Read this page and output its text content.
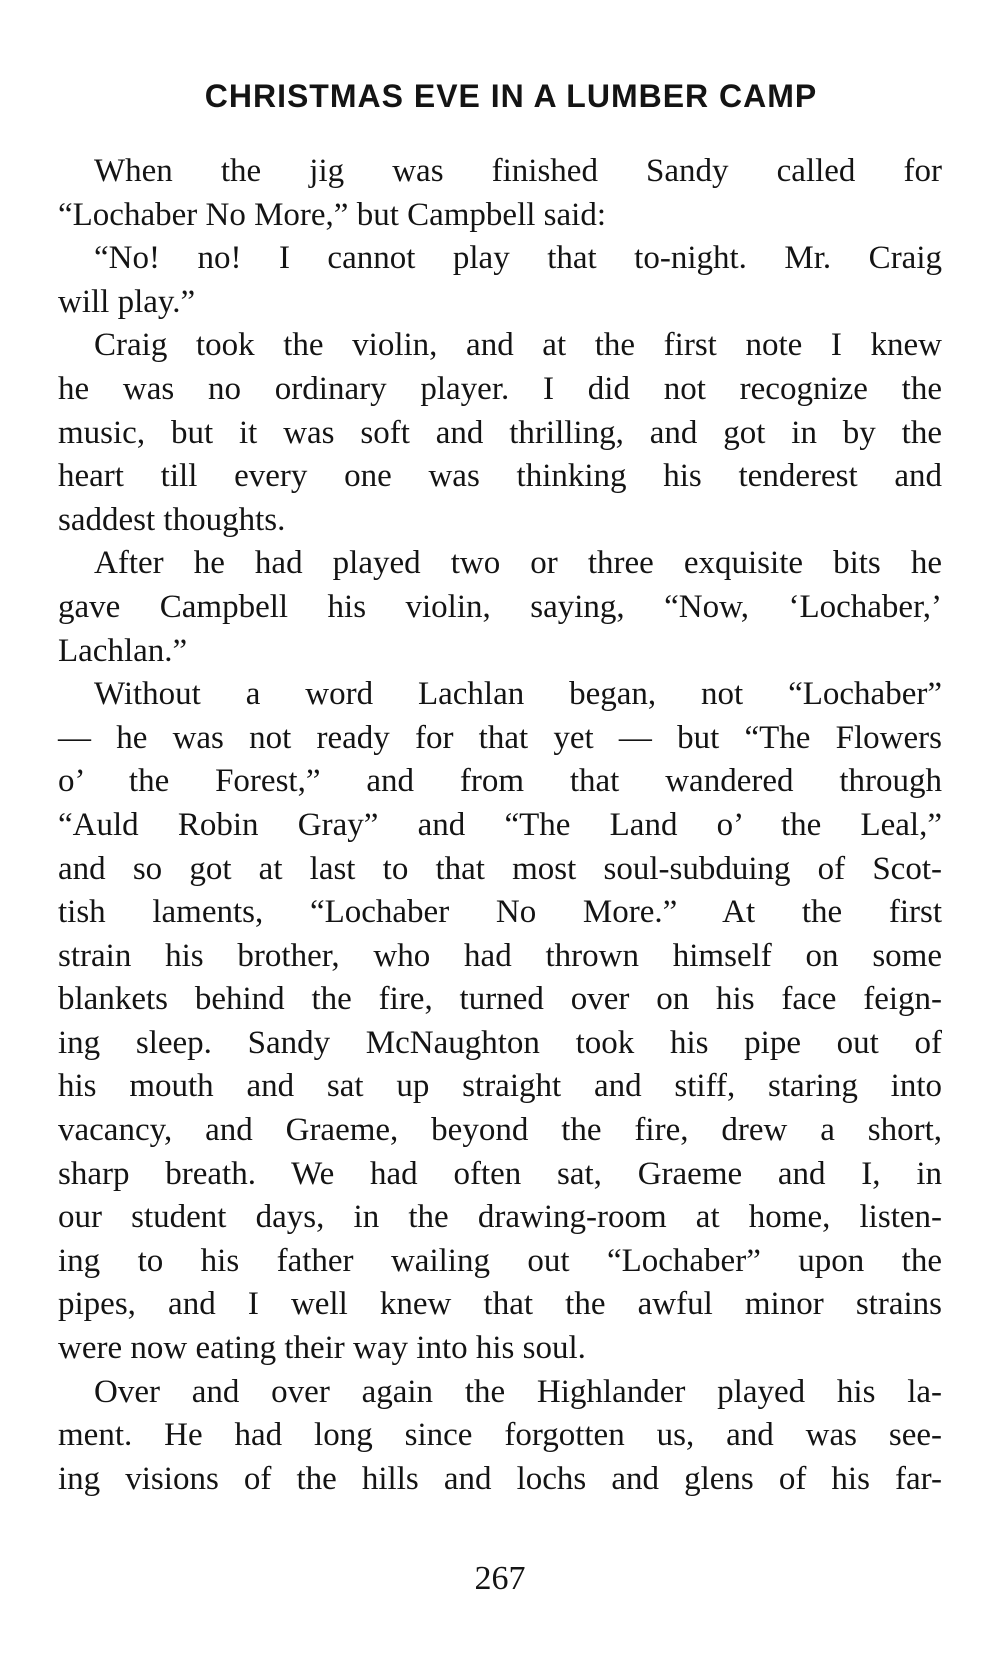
CHRISTMAS EVE IN A LUMBER CAMP
When the jig was finished Sandy called for
“Lochaber No More,” but Campbell said:
“No! no! I cannot play that to-night. Mr. Craig
will play.”
Craig took the violin, and at the first note I knew
he was no ordinary player. I did not recognize the
music, but it was soft and thrilling, and got in by the
heart till every one was thinking his tenderest and
saddest thoughts.
After he had played two or three exquisite bits he
gave Campbell his violin, saying, “Now, ‘Lochaber,’
Lachlan.”
Without a word Lachlan began, not “Lochaber”
— he was not ready for that yet — but “The Flowers
o’ the Forest,” and from that wandered through
“Auld Robin Gray” and “The Land o’ the Leal,”
and so got at last to that most soul-subduing of Scot-
tish laments, “Lochaber No More.” At the first
strain his brother, who had thrown himself on some
blankets behind the fire, turned over on his face feign-
ing sleep. Sandy McNaughton took his pipe out of
his mouth and sat up straight and stiff, staring into
vacancy, and Graeme, beyond the fire, drew a short,
sharp breath. We had often sat, Graeme and I, in
our student days, in the drawing-room at home, listen-
ing to his father wailing out “Lochaber” upon the
pipes, and I well knew that the awful minor strains
were now eating their way into his soul.
Over and over again the Highlander played his la-
ment. He had long since forgotten us, and was see-
ing visions of the hills and lochs and glens of his far-
267
